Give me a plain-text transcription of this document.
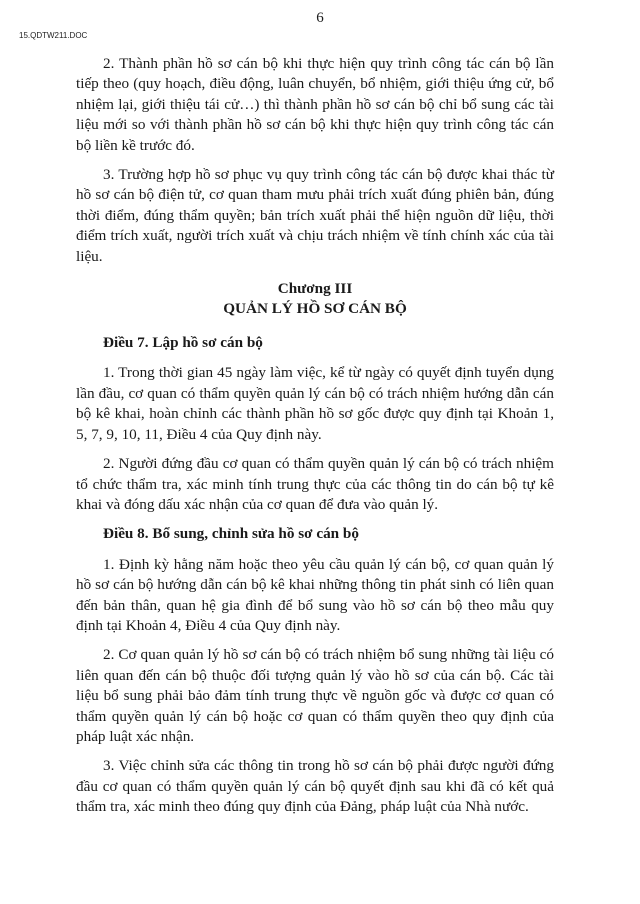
15.QDTW211.DOC
6

2. Thành phần hồ sơ cán bộ khi thực hiện quy trình công tác cán bộ lần tiếp theo (quy hoạch, điều động, luân chuyển, bổ nhiệm, giới thiệu ứng cử, bổ nhiệm lại, giới thiệu tái cử…) thì thành phần hồ sơ cán bộ chỉ bổ sung các tài liệu mới so với thành phần hồ sơ cán bộ khi thực hiện quy trình công tác cán bộ liền kề trước đó.

3. Trường hợp hồ sơ phục vụ quy trình công tác cán bộ được khai thác từ hồ sơ cán bộ điện tử, cơ quan tham mưu phải trích xuất đúng phiên bản, đúng thời điểm, đúng thẩm quyền; bản trích xuất phải thể hiện nguồn dữ liệu, thời điểm trích xuất, người trích xuất và chịu trách nhiệm về tính chính xác của tài liệu.

Chương III
QUẢN LÝ HỒ SƠ CÁN BỘ
Điều 7. Lập hồ sơ cán bộ

1. Trong thời gian 45 ngày làm việc, kể từ ngày có quyết định tuyển dụng lần đầu, cơ quan có thẩm quyền quản lý cán bộ có trách nhiệm hướng dẫn cán bộ kê khai, hoàn chỉnh các thành phần hồ sơ gốc được quy định tại Khoản 1, 5, 7, 9, 10, 11, Điều 4 của Quy định này.

2. Người đứng đầu cơ quan có thẩm quyền quản lý cán bộ có trách nhiệm tổ chức thẩm tra, xác minh tính trung thực của các thông tin do cán bộ tự kê khai và đóng dấu xác nhận của cơ quan để đưa vào quản lý.

Điều 8. Bổ sung, chỉnh sửa hồ sơ cán bộ

1. Định kỳ hằng năm hoặc theo yêu cầu quản lý cán bộ, cơ quan quản lý hồ sơ cán bộ hướng dẫn cán bộ kê khai những thông tin phát sinh có liên quan đến bản thân, quan hệ gia đình để bổ sung vào hồ sơ cán bộ theo mẫu quy định tại Khoản 4, Điều 4 của Quy định này.

2. Cơ quan quản lý hồ sơ cán bộ có trách nhiệm bổ sung những tài liệu có liên quan đến cán bộ thuộc đối tượng quản lý vào hồ sơ của cán bộ. Các tài liệu bổ sung phải bảo đảm tính trung thực về nguồn gốc và được cơ quan có thẩm quyền quản lý cán bộ hoặc cơ quan có thẩm quyền theo quy định của pháp luật xác nhận.

3. Việc chỉnh sửa các thông tin trong hồ sơ cán bộ phải được người đứng đầu cơ quan có thẩm quyền quản lý cán bộ quyết định sau khi đã có kết quả thẩm tra, xác minh theo đúng quy định của Đảng, pháp luật của Nhà nước.
